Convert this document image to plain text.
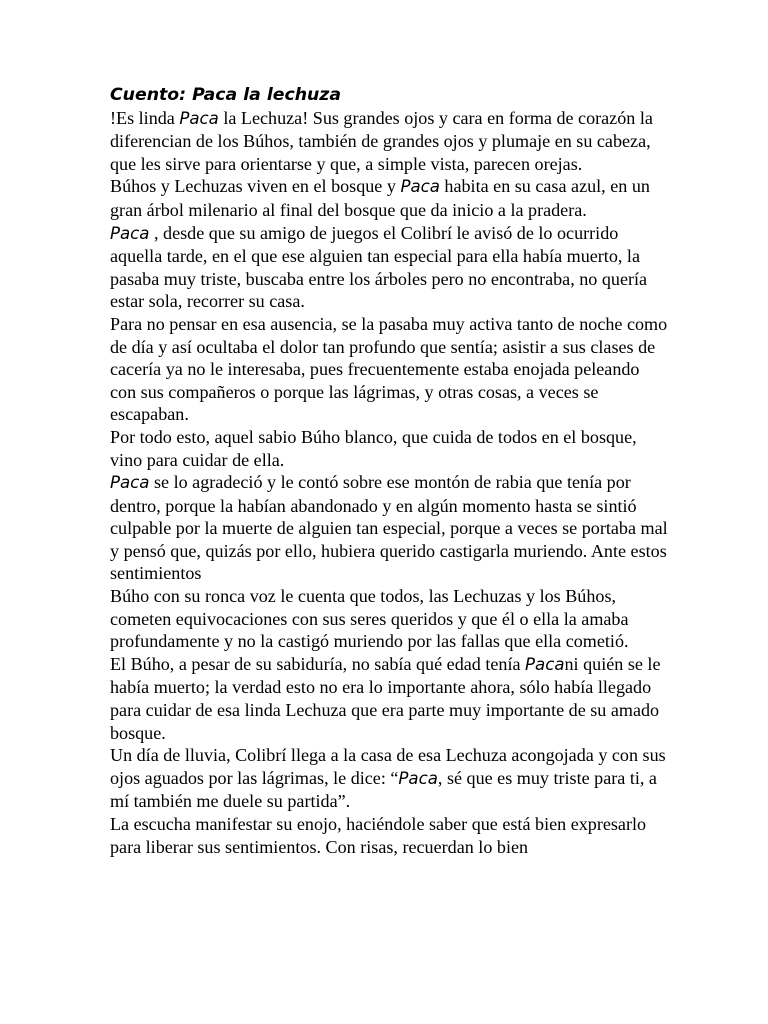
Cuento: Paca la lechuza

!Es linda Paca la Lechuza! Sus grandes ojos y cara en forma de corazón la diferencian de los Búhos, también de grandes ojos y plumaje en su cabeza, que les sirve para orientarse y que, a simple vista, parecen orejas.

Búhos y Lechuzas viven en el bosque y Paca habita en su casa azul, en un gran árbol milenario al final del bosque que da inicio a la pradera.

Paca , desde que su amigo de juegos el Colibrí le avisó de lo ocurrido aquella tarde, en el que ese alguien tan especial para ella había muerto, la pasaba muy triste, buscaba entre los árboles pero no encontraba, no quería estar sola, recorrer su casa.

Para no pensar en esa ausencia, se la pasaba muy activa tanto de noche como de día y así ocultaba el dolor tan profundo que sentía; asistir a sus clases de cacería ya no le interesaba, pues frecuentemente estaba enojada peleando con sus compañeros o porque las lágrimas, y otras cosas, a veces se escapaban.

Por todo esto, aquel sabio Búho blanco, que cuida de todos en el bosque, vino para cuidar de ella.

Paca se lo agradeció y le contó sobre ese montón de rabia que tenía por dentro, porque la habían abandonado y en algún momento hasta se sintió culpable por la muerte de alguien tan especial, porque a veces se portaba mal y pensó que, quizás por ello, hubiera querido castigarla muriendo. Ante estos sentimientos

Búho con su ronca voz le cuenta que todos, las Lechuzas y los Búhos, cometen equivocaciones con sus seres queridos y que él o ella la amaba profundamente y no la castigó muriendo por las fallas que ella cometió.

El Búho, a pesar de su sabiduría, no sabía qué edad tenía Pacani quién se le había muerto; la verdad esto no era lo importante ahora, sólo había llegado para cuidar de esa linda Lechuza que era parte muy importante de su amado bosque.

Un día de lluvia, Colibrí llega a la casa de esa Lechuza acongojada y con sus ojos aguados por las lágrimas, le dice: “Paca, sé que es muy triste para ti, a mí también me duele su partida”.

La escucha manifestar su enojo, haciéndole saber que está bien expresarlo para liberar sus sentimientos. Con risas, recuerdan lo bien
